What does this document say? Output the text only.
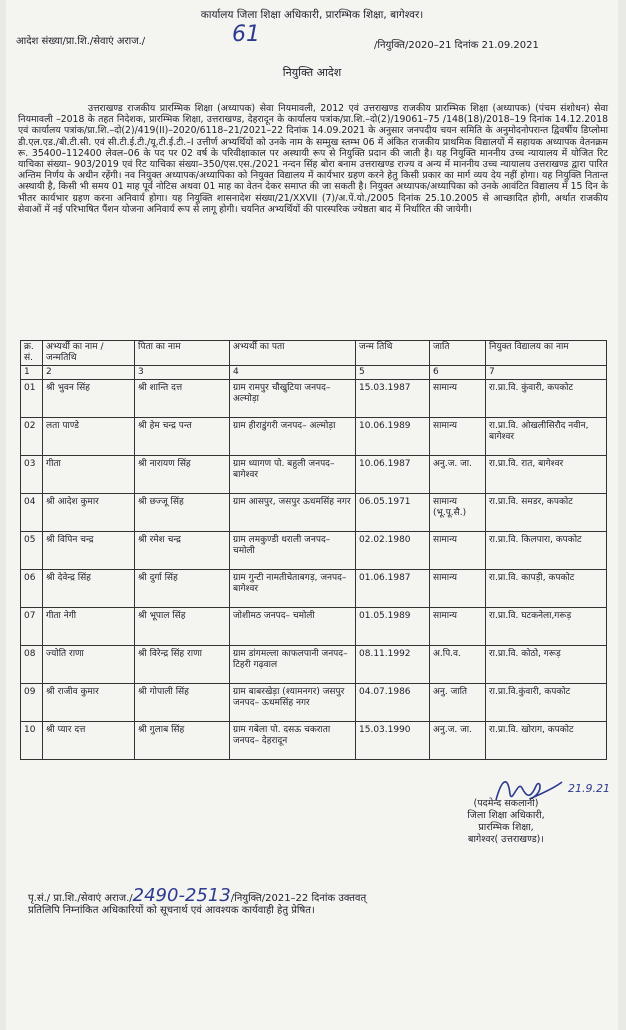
कार्यालय जिला शिक्षा अधिकारी, प्रारम्भिक शिक्षा, बागेश्वर।
आदेश संख्या/प्रा.शि./सेवाएं अराज./	61	/नियुक्ति/2020–21 दिनांक 21.09.2021
नियुक्ति आदेश
उत्तराखण्ड राजकीय प्रारम्भिक शिक्षा (अध्यापक) सेवा नियमावली, 2012 एवं उत्तराखण्ड राजकीय प्रारम्भिक शिक्षा (अध्यापक) (पंचम संशोधन) सेवा नियमावली –2018 के तहत निदेशक, प्रारम्भिक शिक्षा, उत्तराखण्ड, देहरादून के कार्यालय पत्रांक/प्रा.शि.–दो(2)/19061–75 /148(18)/2018–19 दिनांक 14.12.2018 एवं कार्यालय पत्रांक/प्रा.शि.–दो(2)/419(II)–2020/6118–21/2021–22 दिनांक 14.09.2021 के अनुसार जनपदीय चयन समिति के अनुमोदनोपरान्त द्विवर्षीय डिप्लोमा डी.एल.एड./बी.टी.सी. एवं सी.टी.ई.टी./यू.टी.ई.टी.–I उत्तीर्ण अभ्यर्थियों को उनके नाम के सम्मुख स्तम्भ 06 में अंकित राजकीय प्राथमिक विद्यालयों में सहायक अध्यापक वेतनक्रम रू. 35400–112400 लेवल–06 के पद पर 02 वर्ष के परिवीक्षाकाल पर अस्थायी रूप से नियुक्ति प्रदान की जाती है। यह नियुक्ति माननीय उच्च न्यायालय में योजित रिट याचिका संख्या– 903/2019 एवं रिट याचिका संख्या–350/एस.एस./2021 नन्दन सिंह बोरा बनाम उत्तराखण्ड राज्य व अन्य में माननीय उच्च न्यायालय उत्तराखण्ड द्वारा पारित अन्तिम निर्णय के अधीन रहेंगी। नव नियुक्त अध्यापक/अध्यापिका को नियुक्त विद्यालय में कार्यभार ग्रहण करने हेतु किसी प्रकार का मार्ग व्यय देय नहीं होगा। यह नियुक्ति नितान्त अस्थायी है, किसी भी समय 01 माह पूर्व नोटिस अथवा 01 माह का वेतन देकर समाप्त की जा सकती है। नियुक्त अध्यापक/अध्यापिका को उनके आवंटित विद्यालय में 15 दिन के भीतर कार्यभार ग्रहण करना अनिवार्य होगा। यह नियुक्ति शासनादेश संख्या/21/XXVII (7)/अ.पें.यो./2005 दिनांक 25.10.2005 से आच्छादित होगी, अर्थात राजकीय सेवाओं में नई परिभाषित पैंशन योजना अनिवार्य रूप से लागू होगी। चयनित अभ्यर्थियों की पारस्परिक ज्येष्ठता बाद में निर्धारित की जायेगी।
क्र. सं.	अभ्यर्थी का नाम /जन्मतिथि	पिता का नाम	अभ्यर्थी का पता	जन्म तिथि	जाति	नियुक्त विद्यालय का नाम
1	2	3	4	5	6	7
01	श्री भुवन सिंह	श्री शान्ति दत्त	ग्राम रामपुर चौखुटिया जनपद– अल्मोड़ा	15.03.1987	सामान्य	रा.प्रा.वि. कुंवारी, कपकोट
02	लता पाण्डे	श्री हेम चन्द्र पन्त	ग्राम हीराडुंगरी जनपद– अल्मोड़ा	10.06.1989	सामान्य	रा.प्रा.वि. ओखलीसिरौद नवीन, बागेश्वर
03	गीता	श्री नारायण सिंह	ग्राम ध्यागण पो. बहुली जनपद– बागेश्वर	10.06.1987	अनु.ज. जा.	रा.प्रा.वि. रात, बागेश्वर
04	श्री आदेश कुमार	श्री छज्जू सिंह	ग्राम आसपुर, जसपुर ऊधमसिंह नगर	06.05.1971	सामान्य (भू.पू.सै.)	रा.प्रा.वि. समडर, कपकोट
05	श्री विपिन चन्द्र	श्री रमेश चन्द्र	ग्राम लमकुण्डी धराली जनपद– चमोली	02.02.1980	सामान्य	रा.प्रा.वि. किलपारा, कपकोट
06	श्री देवेन्द्र सिंह	श्री दुर्गा सिंह	ग्राम गुन्टी नामतीचेताबगड़, जनपद– बागेश्वर	01.06.1987	सामान्य	रा.प्रा.वि. कापड़ी, कपकोट
07	गीता नेगी	श्री भूपाल सिंह	जोशीमठ जनपद– चमोली	01.05.1989	सामान्य	रा.प्रा.वि. घटकनेला,गरूड़
08	ज्योति राणा	श्री विरेन्द्र सिंह राणा	ग्राम डांगमल्ला काफलपानी जनपद–टिहरी गढ़वाल	08.11.1992	अ.पि.व.	रा.प्रा.वि. कोठो, गरूड़
09	श्री राजीव कुमार	श्री गोपाली सिंह	ग्राम बाबरखेड़ा (श्यामनगर) जसपुर जनपद– ऊधमसिंह नगर	04.07.1986	अनु. जाति	रा.प्रा.वि.कुंवारी, कपकोट
10	श्री प्यार दत्त	श्री गुलाब सिंह	ग्राम गबेला पो. दसऊ चकराता जनपद– देहरादून	15.03.1990	अनु.ज. जा.	रा.प्रा.वि. खोराग, कपकोट
21.9.21
(पदमेन्द सकलानी)
जिला शिक्षा अधिकारी,
प्रारम्भिक शिक्षा,
बागेश्वर( उत्तराखण्ड)।
पृ.सं./ प्रा.शि./सेवाएं अराज./2490-2513/नियुक्ति/2021–22 दिनांक उक्तवत्
प्रतिलिपि निम्नांकित अधिकारियों को सूचनार्थ एवं आवश्यक कार्यवाही हेतु प्रेषित।
